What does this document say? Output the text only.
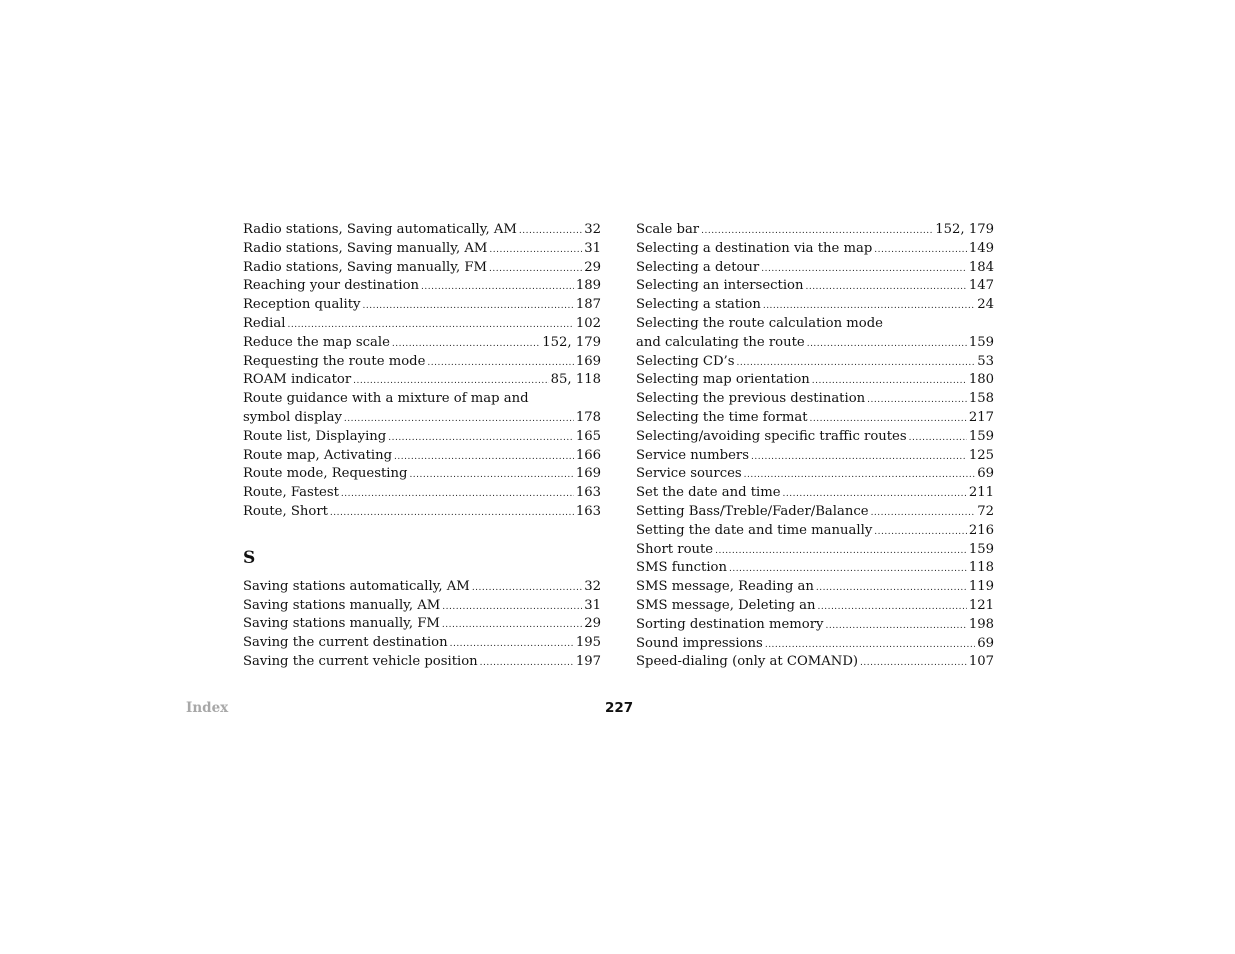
Radio stations, Saving automatically, AM .....	32
Radio stations, Saving manually, AM .....	31
Radio stations, Saving manually, FM .....	29
Reaching your destination .....	189
Reception quality .....	187
Redial .....	102
Reduce the map scale .....	152, 179
Requesting the route mode .....	169
ROAM indicator .....	85, 118
Route guidance with a mixture of map and
symbol display .....	178
Route list, Displaying .....	165
Route map, Activating .....	166
Route mode, Requesting .....	169
Route, Fastest .....	163
Route, Short .....	163
S
Saving stations automatically, AM .....	32
Saving stations manually, AM .....	31
Saving stations manually, FM .....	29
Saving the current destination .....	195
Saving the current vehicle position .....	197
Scale bar .....	152, 179
Selecting a destination via the map .....	149
Selecting a detour .....	184
Selecting an intersection .....	147
Selecting a station .....	24
Selecting the route calculation mode
and calculating the route .....	159
Selecting CD’s .....	53
Selecting map orientation .....	180
Selecting the previous destination .....	158
Selecting the time format .....	217
Selecting/avoiding specific traffic routes .....	159
Service numbers .....	125
Service sources .....	69
Set the date and time .....	211
Setting Bass/Treble/Fader/Balance .....	72
Setting the date and time manually .....	216
Short route .....	159
SMS function .....	118
SMS message, Reading an .....	119
SMS message, Deleting an .....	121
Sorting destination memory .....	198
Sound impressions .....	69
Speed-dialing (only at COMAND) .....	107
Index	227
